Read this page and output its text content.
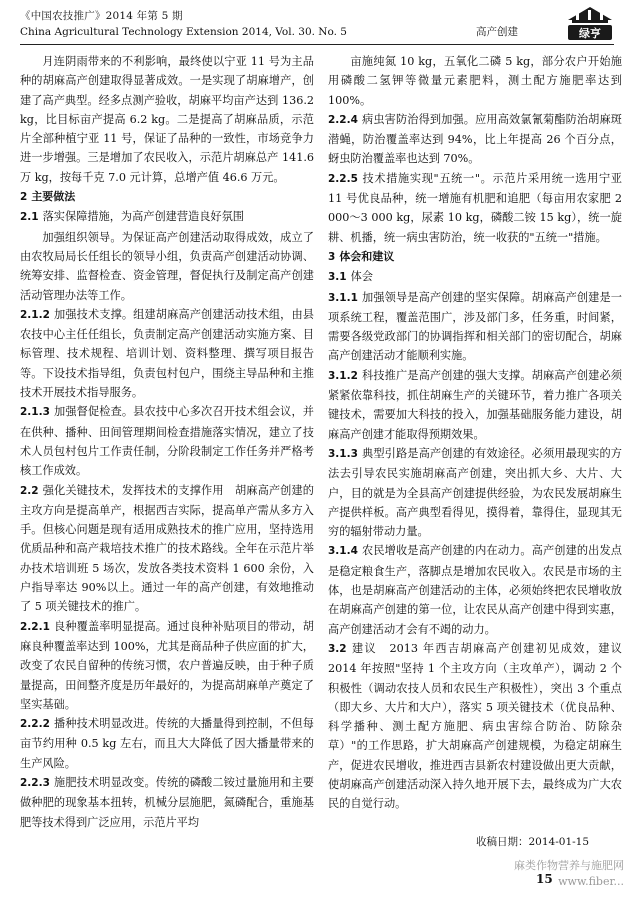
《中国农技推广》2014 年第 5 期
China Agricultural Technology Extension 2014, Vol. 30. No. 5	高产创建	绿亨

月连阴雨带来的不利影响，最终使以宁亚 11 号为主品种的胡麻高产创建取得显著成效。一是实现了胡麻增产，创建了高产典型。经多点测产验收，胡麻平均亩产达到 136.2 kg，比目标亩产提高 6.2 kg。二是提高了胡麻品质，示范片全部种植宁亚 11 号，保证了品种的一致性，市场竞争力进一步增强。三是增加了农民收入，示范片胡麻总产 141.6 万 kg，按每千克 7.0 元计算，总增产值 46.6 万元。

2 主要做法

2.1 落实保障措施，为高产创建营造良好氛围

加强组织领导。为保证高产创建活动取得成效，成立了由农牧局局长任组长的领导小组，负责高产创建活动协调、统筹安排、监督检查、资金管理，督促执行及制定高产创建活动管理办法等工作。

2.1.2 加强技术支撑。组建胡麻高产创建活动技术组，由县农技中心主任任组长，负责制定高产创建活动实施方案、目标管理、技术规程、培训计划、资料整理、撰写项目报告等。下设技术指导组，负责包村包户，围绕主导品种和主推技术开展技术指导服务。

2.1.3 加强督促检查。县农技中心多次召开技术组会议，并在供种、播种、田间管理期间检查措施落实情况，建立了技术人员包村包片工作责任制，分阶段制定工作任务并严格考核工作成效。

2.2 强化关键技术，发挥技术的支撑作用　胡麻高产创建的主攻方向是提高单产，根据西吉实际，提高单产需从多方入手。但核心问题是现有适用成熟技术的推广应用，坚持选用优质品种和高产栽培技术推广的技术路线。全年在示范片举办技术培训班 5 场次，发放各类技术资料 1 600 余份，入户指导率达 90%以上。通过一年的高产创建，有效地推动了 5 项关键技术的推广。

2.2.1 良种覆盖率明显提高。通过良种补贴项目的带动，胡麻良种覆盖率达到 100%，尤其是商品种子供应面的扩大，改变了农民自留种的传统习惯，农户普遍反映，由于种子质量提高，田间整齐度是历年最好的，为提高胡麻单产奠定了坚实基础。

2.2.2 播种技术明显改进。传统的大播量得到控制，不但每亩节约用种 0.5 kg 左右，而且大大降低了因大播量带来的生产风险。

2.2.3 施肥技术明显改变。传统的磷酸二铵过量施用和主要做种肥的现象基本扭转，机械分层施肥，氮磷配合，重施基肥等技术得到广泛应用，示范片平均

亩施纯氮 10 kg，五氧化二磷 5 kg，部分农户开始施用磷酸二氢钾等微量元素肥料，测土配方施肥率达到 100%。

2.2.4 病虫害防治得到加强。应用高效氯氰菊酯防治胡麻斑潜蝇，防治覆盖率达到 94%，比上年提高 26 个百分点，蚜虫防治覆盖率也达到 70%。

2.2.5 技术措施实现"五统一"。示范片采用统一选用宁亚 11 号优良品种，统一增施有机肥和追肥（每亩用农家肥 2 000～3 000 kg，尿素 10 kg，磷酸二铵 15 kg），统一旋耕、机播，统一病虫害防治，统一收获的"五统一"措施。

3 体会和建议

3.1 体会

3.1.1 加强领导是高产创建的坚实保障。胡麻高产创建是一项系统工程，覆盖范围广，涉及部门多，任务重，时间紧，需要各级党政部门的协调指挥和相关部门的密切配合，胡麻高产创建活动才能顺利实施。

3.1.2 科技推广是高产创建的强大支撑。胡麻高产创建必须紧紧依靠科技，抓住胡麻生产的关键环节，着力推广各项关键技术，需要加大科技的投入，加强基础服务能力建设，胡麻高产创建才能取得预期效果。

3.1.3 典型引路是高产创建的有效途径。必须用最现实的方法去引导农民实施胡麻高产创建，突出抓大乡、大片、大户，目的就是为全县高产创建提供经验，为农民发展胡麻生产提供样板。高产典型看得见，摸得着，靠得住，显现其无穷的辐射带动力量。

3.1.4 农民增收是高产创建的内在动力。高产创建的出发点是稳定粮食生产，落脚点是增加农民收入。农民是市场的主体，也是胡麻高产创建活动的主体，必须始终把农民增收放在胡麻高产创建的第一位，让农民从高产创建中得到实惠，高产创建活动才会有不竭的动力。

3.2 建议　2013 年西吉胡麻高产创建初见成效，建议 2014 年按照"坚持 1 个主攻方向（主攻单产），调动 2 个积极性（调动农技人员和农民生产积极性），突出 3 个重点（即大乡、大片和大户），落实 5 项关键技术（优良品种、科学播种、测土配方施肥、病虫害综合防治、防除杂草）"的工作思路，扩大胡麻高产创建规模，为稳定胡麻生产，促进农民增收，推进西吉县新农村建设做出更大贡献，使胡麻高产创建活动深入持久地开展下去，最终成为广大农民的自觉行动。

收稿日期：2014-01-15
15
麻类作物营养与施肥网 www.fiber...
